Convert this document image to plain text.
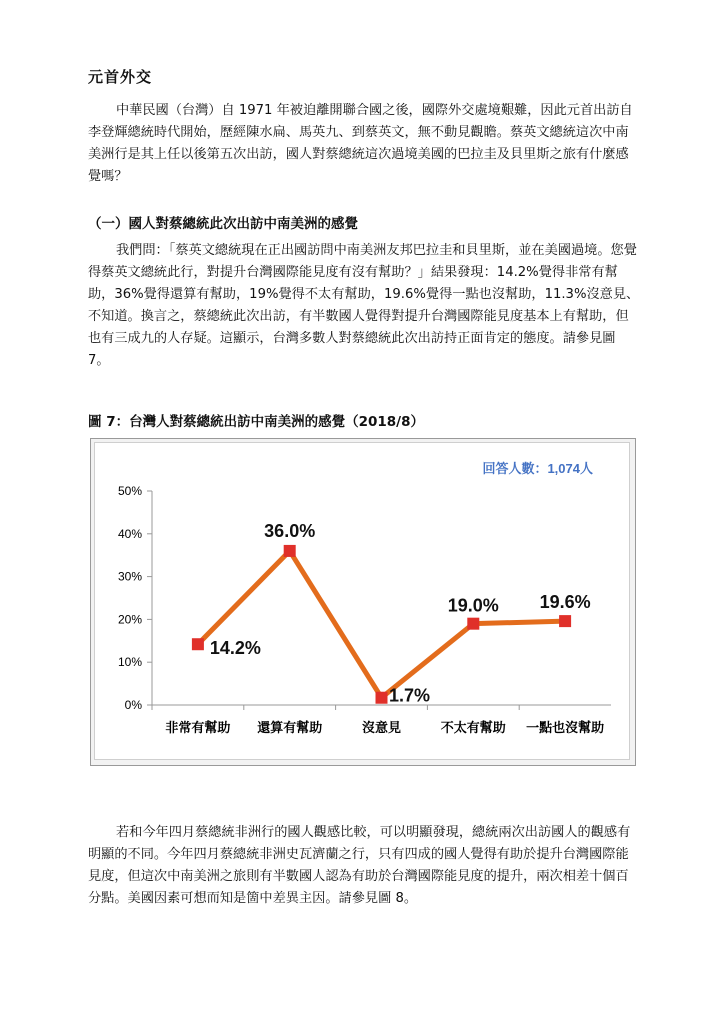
元首外交

中華民國（台灣）自 1971 年被迫離開聯合國之後，國際外交處境艱難，因此元首出訪自李登輝總統時代開始，歷經陳水扁、馬英九、到蔡英文，無不動見觀瞻。蔡英文總統這次中南美洲行是其上任以後第五次出訪，國人對蔡總統這次過境美國的巴拉圭及貝里斯之旅有什麼感覺嗎？

（一）國人對蔡總統此次出訪中南美洲的感覺

我們問：「蔡英文總統現在正出國訪問中南美洲友邦巴拉圭和貝里斯，並在美國過境。您覺得蔡英文總統此行，對提升台灣國際能見度有沒有幫助？」結果發現：14.2%覺得非常有幫助，36%覺得還算有幫助，19%覺得不太有幫助，19.6%覺得一點也沒幫助，11.3%沒意見、不知道。換言之，蔡總統此次出訪，有半數國人覺得對提升台灣國際能見度基本上有幫助，但也有三成九的人存疑。這顯示，台灣多數人對蔡總統此次出訪持正面肯定的態度。請參見圖 7。

圖 7：台灣人對蔡總統出訪中南美洲的感覺（2018/8）
回答人數：1,074人
0%
10%
20%
30%
40%
50%
非常有幫助 還算有幫助	沒意見	不太有幫助 一點也沒幫助
14.2%
36.0%
1.7%
19.0% 19.6%

若和今年四月蔡總統非洲行的國人觀感比較，可以明顯發現，總統兩次出訪國人的觀感有明顯的不同。今年四月蔡總統非洲史瓦濟蘭之行，只有四成的國人覺得有助於提升台灣國際能見度，但這次中南美洲之旅則有半數國人認為有助於台灣國際能見度的提升，兩次相差十個百分點。美國因素可想而知是箇中差異主因。請參見圖 8。
